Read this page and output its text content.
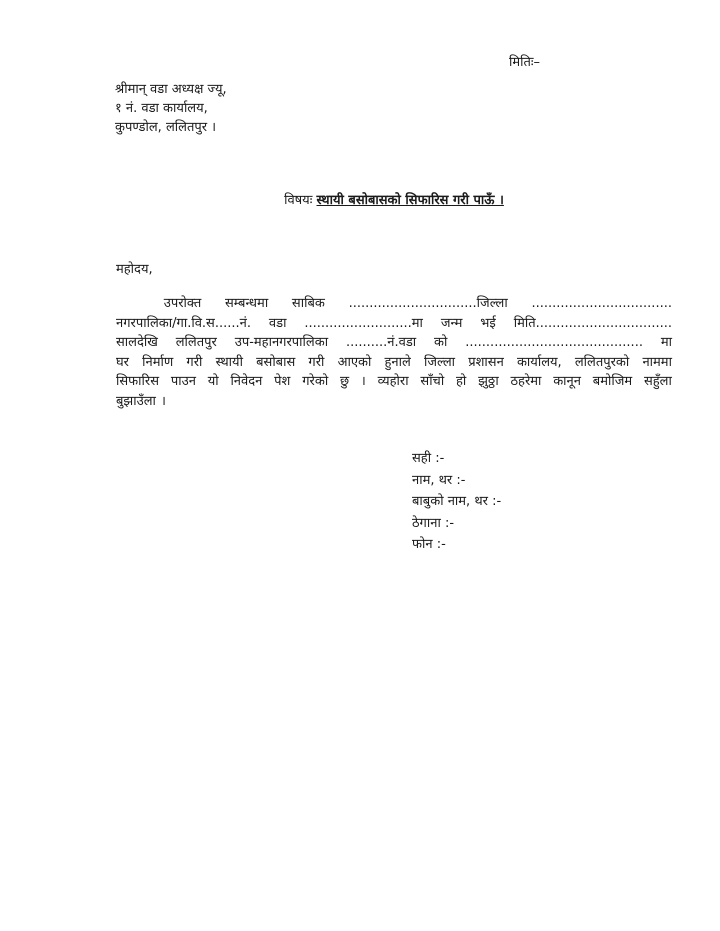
मितिः–
श्रीमान् वडा अध्यक्ष ज्यू,
१ नं. वडा कार्यालय,
कुपण्डोल, ललितपुर ।
विषयः स्थायी बसोबासको सिफारिस गरी पाऊँ ।
महोदय,
उपरोक्त सम्बन्धमा साबिक ...............................जिल्ला ..................................
नगरपालिका/गा.वि.स......नं. वडा ..........................मा जन्म भई मिति.................................
सालदेखि ललितपुर उप-महानगरपालिका ..........नं.वडा को ........................................... मा
घर निर्माण गरी स्थायी बसोबास गरी आएको हुनाले जिल्ला प्रशासन कार्यालय, ललितपुरको नाममा
सिफारिस पाउन यो निवेदन पेश गरेको छु । व्यहोरा साँचो हो झुठ्ठा ठहरेमा कानून बमोजिम सहुँला
बुझाउँला ।
सही :-
नाम, थर :-
बाबुको नाम, थर :-
ठेगाना :-
फोन :-
